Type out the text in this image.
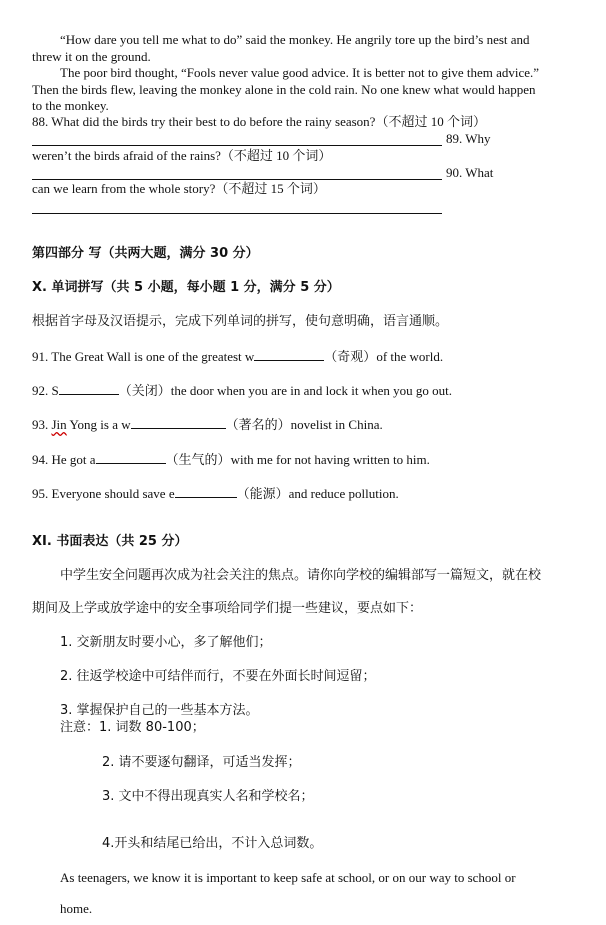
“How dare you tell me what to do” said the monkey. He angrily tore up the bird’s nest and
threw it on the ground.
The poor bird thought, “Fools never value good advice. It is better not to give them advice.”
Then the birds flew, leaving the monkey alone in the cold rain. No one knew what would happen
to the monkey.
88. What did the birds try their best to do before the rainy season?（不超过 10 个词）
89. Why
weren’t the birds afraid of the rains?（不超过 10 个词）
90. What
can we learn from the whole story?（不超过 15 个词）
第四部分 写（共两大题，满分 30 分）
X. 单词拼写（共 5 小题，每小题 1 分，满分 5 分）
根据首字母及汉语提示，完成下列单词的拼写，使句意明确，语言通顺。
91. The Great Wall is one of the greatest w	（奇观）of the world.
92. S	（关闭）the door when you are in and lock it when you go out.
93. Jin Yong is a w	（著名的）novelist in China.
94. He got a	（生气的）with me for not having written to him.
95. Everyone should save e	（能源）and reduce pollution.
XI. 书面表达（共 25 分）
中学生安全问题再次成为社会关注的焦点。请你向学校的编辑部写一篇短文，就在校
期间及上学或放学途中的安全事项给同学们提一些建议，要点如下：
1. 交新朋友时要小心，多了解他们；
2. 往返学校途中可结伴而行，不要在外面长时间逗留；
3. 掌握保护自己的一些基本方法。
注意：1. 词数 80-100；
2. 请不要逐句翻译，可适当发挥；
3. 文中不得出现真实人名和学校名；
4.开头和结尾已给出，不计入总词数。
As teenagers, we know it is important to keep safe at school, or on our way to school or
home.
